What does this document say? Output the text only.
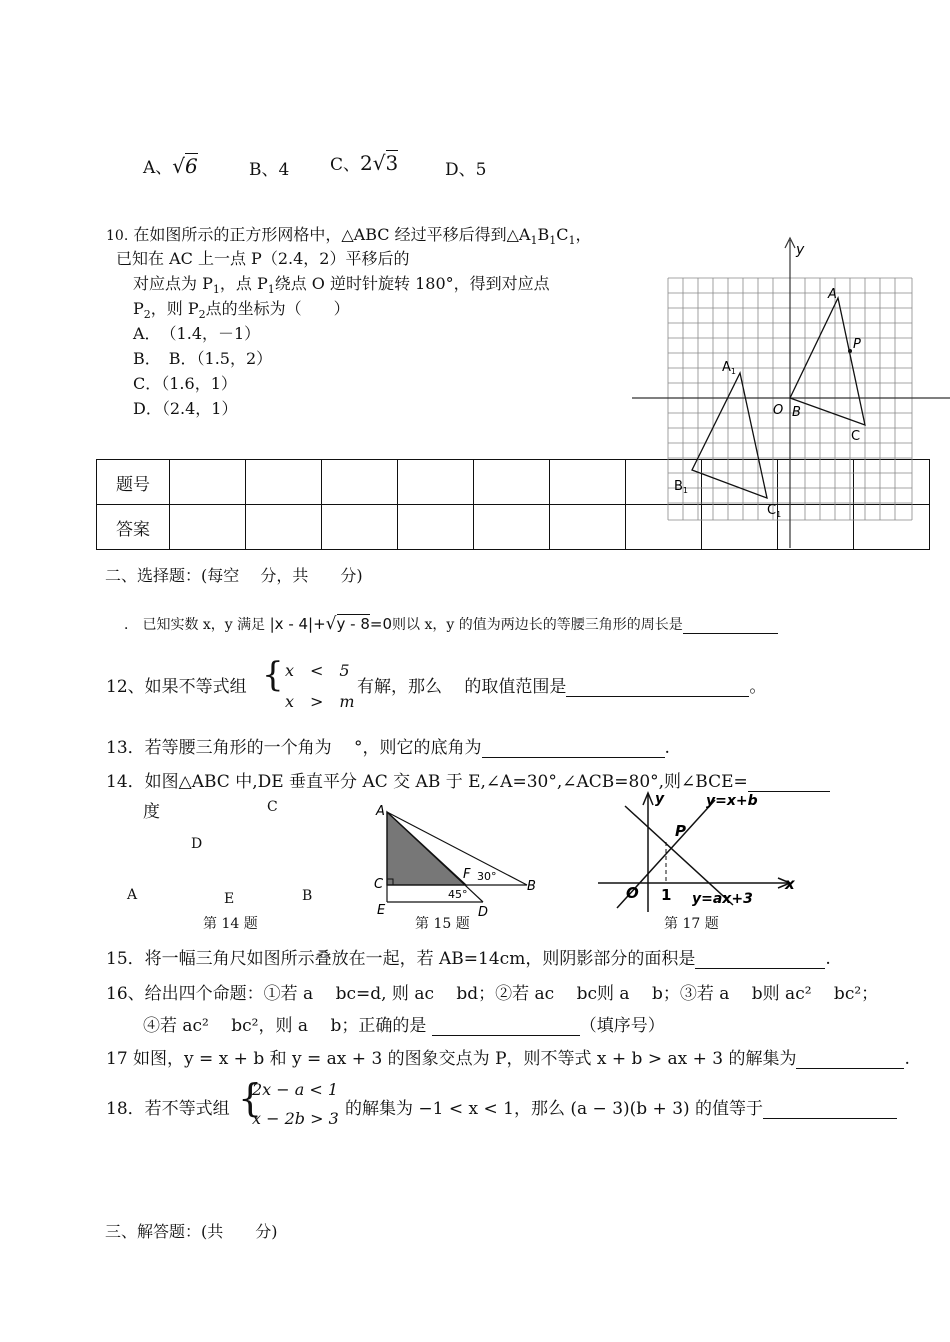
A、√6	B、4 C、2√3	D、5
10. 在如图所示的正方形网格中，△ABC 经过平移后得到$\triangle A_1B_1C_1$，
已知在 AC 上一点 P（2.4，2）平移后的
对应点为 $P_1$，点 $P_1$绕点 O 逆时针旋转 180°，得到对应点
$P_2$，则 $P_2$点的坐标为（　　）
A．　（1.4，－1）
B．　B．（1.5，2）
C．（1.6，1）
D．（2.4，1）
题号										
答案										
y
O B
A
P
C
$A_1$
$B_1$
$C_1$
二、选择题：(每空　 分，共　　分)
． 已知实数 x，y 满足 |x - 4|+√y - 8=0则以 x，y 的值为两边长的等腰三角形的周长是
12、如果不等式组 { x　<　5
x　>　m
有解，那么　 的取值范围是	。
13．若等腰三角形的一个角为　 °，则它的底角为	.
14．如图△ABC 中,DE 垂直平分 AC 交 AB 于 E,∠A=30°,∠ACB=80°,则∠BCE=
度	C
D
A	E	B
第 14 题
A
C
E
F
D
B
30°
45°
第 15 题
y	y=x+b
P
x
O 1 y=ax+3
第 17 题
15．将一幅三角尺如图所示叠放在一起，若 AB=14cm，则阴影部分的面积是	.
16、给出四个命题：①若 a　 bc=d, 则 ac　 bd；②若 ac　 bc则 a　 b；③若 a　 b则 ac²　 bc²；
④若 ac²　 bc²，则 a　 b；正确的是	（填序号）
17 如图，y = x + b 和 y = ax + 3 的图象交点为 P，则不等式 x + b > ax + 3 的解集为	.
18．若不等式组 {
2x − a < 1
x − 2b > 3 的解集为 −1 < x < 1，那么 (a − 3)(b + 3) 的值等于
三、解答题：(共　　分)
